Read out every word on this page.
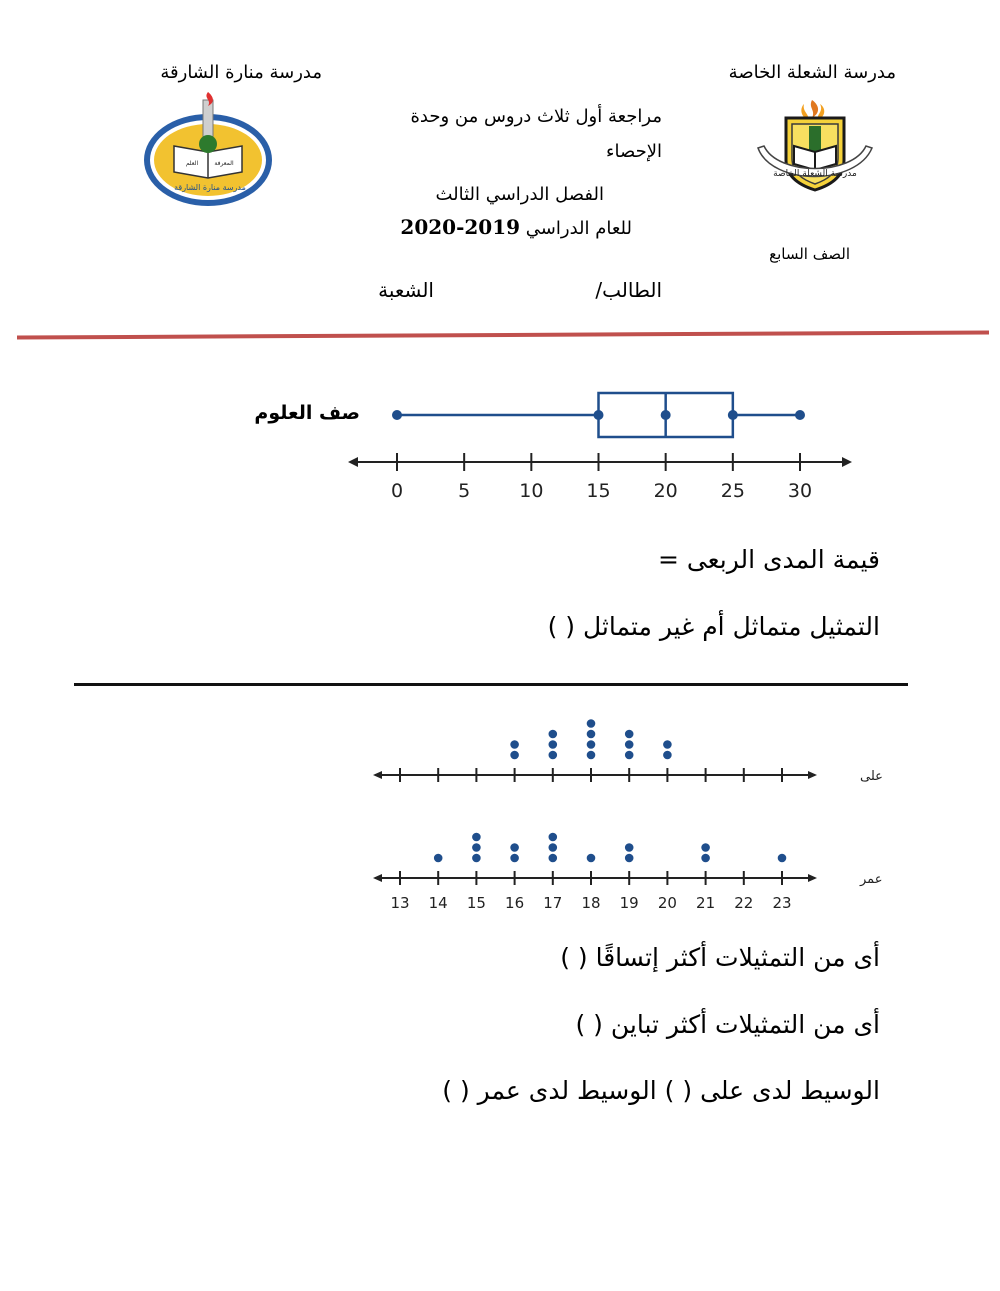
مدرسة منارة الشارقة	مدرسة الشعلة الخاصة
مراجعة أول ثلاث دروس من وحدة
الإحصاء
الفصل الدراسي الثالث
للعام الدراسي 2019-2020
الصف السابع
الطالب/
الشعبة
مدرسة الشعلة الخاصة
العلم	المعرفة
مدرسة منارة الشارقة
0	5	10 15 20 25 30
صف العلوم
قيمة المدى الربعى =
التمثيل متماثل أم غير متماثل ( )
على
عمر
13 14 15 16 17 18 19 20 21 22 23
أى من التمثيلات أكثر إتساقًا ( )
أى من التمثيلات أكثر تباين ( )
الوسيط لدى على ( ) الوسيط لدى عمر ( )
